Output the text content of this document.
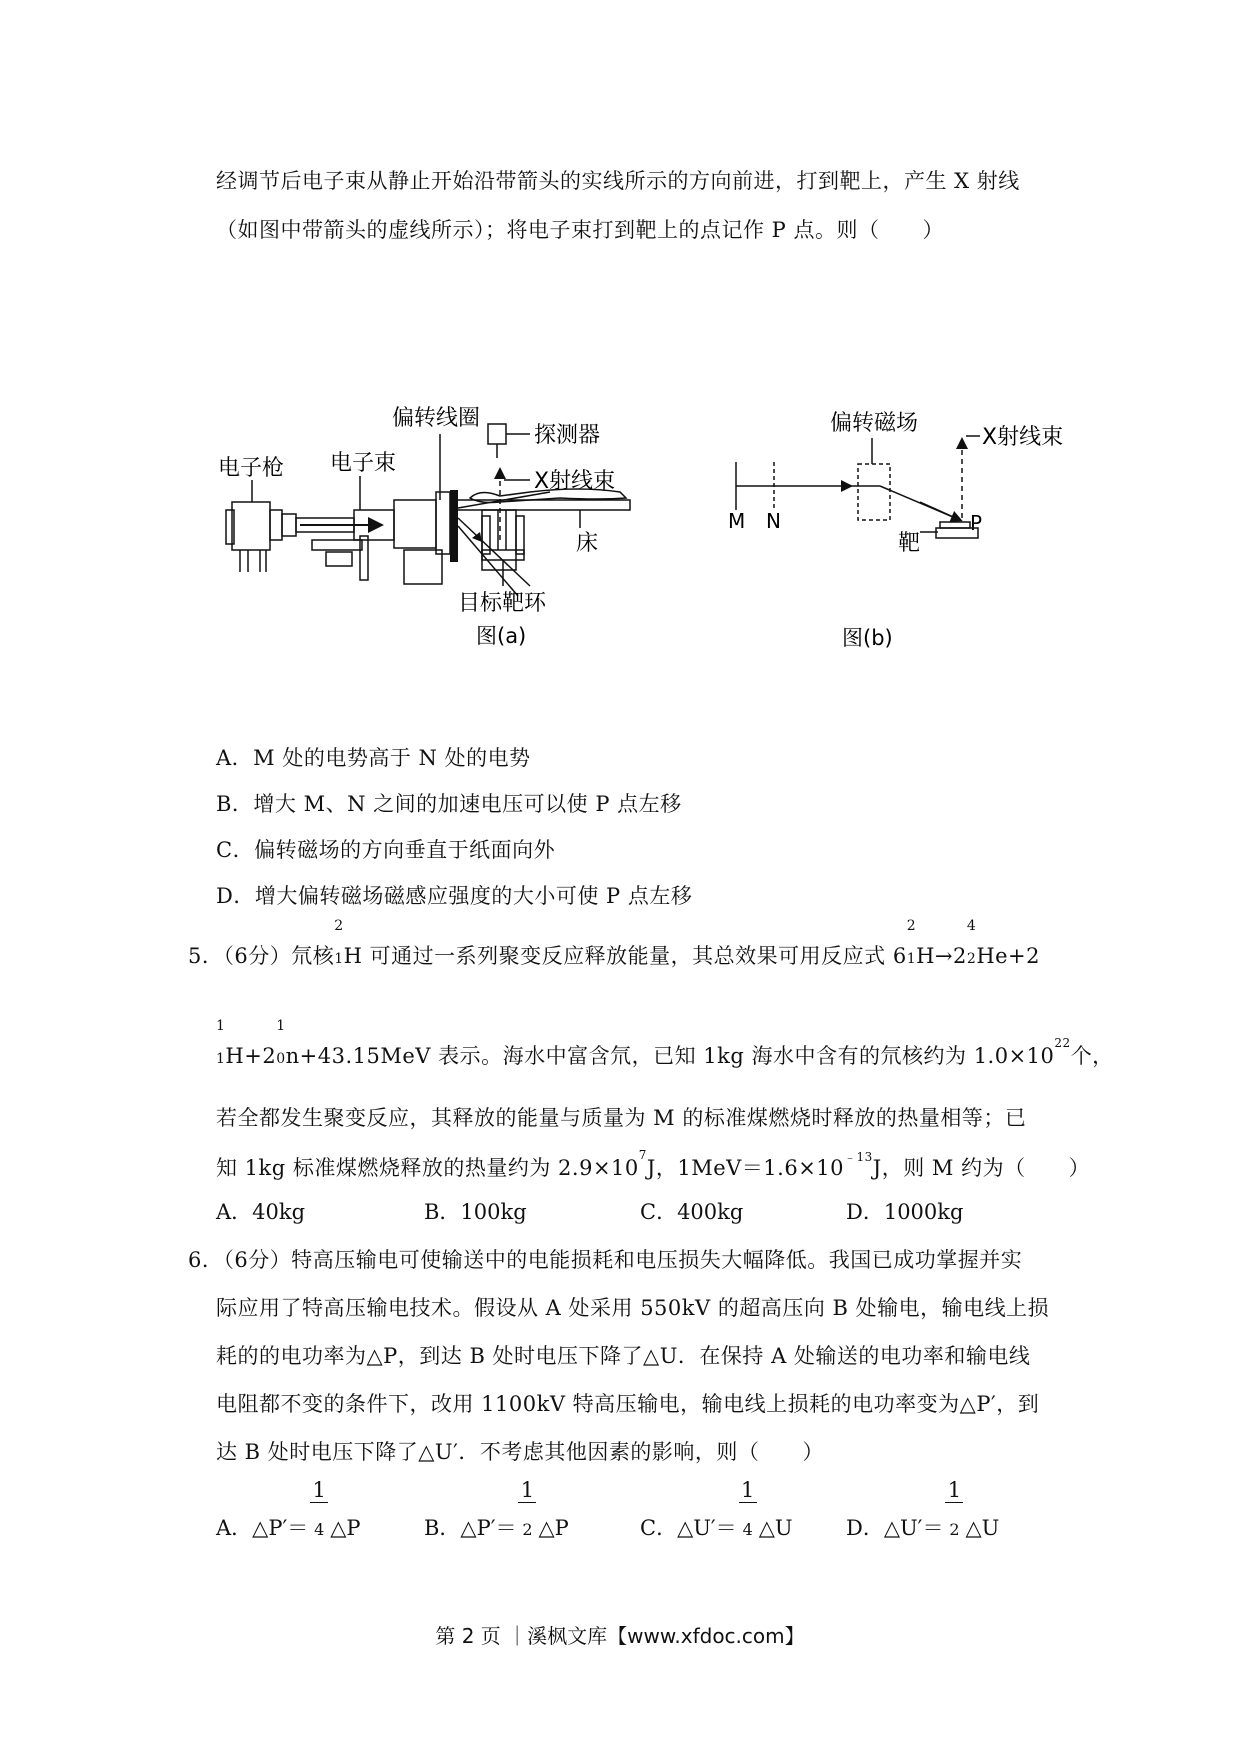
经调节后电子束从静止开始沿带箭头的实线所示的方向前进，打到靶上，产生 X 射线
（如图中带箭头的虚线所示）；将电子束打到靶上的点记作 P 点。则（　　）
电子枪 电子束
偏转线圈
探测器
X射线束
床
目标靶环
图(a)
偏转磁场
M N
X射线束
P
靶
图(b)
A．M 处的电势高于 N 处的电势
B．增大 M、N 之间的加速电压可以使 P 点左移
C．偏转磁场的方向垂直于纸面向外
D．增大偏转磁场磁感应强度的大小可使 P 点左移
5．（6分）氘核
2
1H 可通过一系列聚变反应释放能量，其总效果可用反应式 6
2
1H→2
4
2He+2
1
1H+2
1
0n+43.15MeV 表示。海水中富含氘，已知 1kg 海水中含有的氘核约为 $1.0\times 10^{22}$个，
若全都发生聚变反应，其释放的能量与质量为 M 的标准煤燃烧时释放的热量相等；已
知 1kg 标准煤燃烧释放的热量约为 $2.9\times 10^7J$，$1MeV=1.6\times 10^{﹣13}J$，则 M 约为（　　）
A．40kg	B．100kg	C．400kg	D．1000kg
6．（6分）特高压输电可使输送中的电能损耗和电压损失大幅降低。我国已成功掌握并实
际应用了特高压输电技术。假设从 A 处采用 550kV 的超高压向 B 处输电，输电线上损
耗的的电功率为△P，到达 B 处时电压下降了△U．在保持 A 处输送的电功率和输电线
电阻都不变的条件下，改用 1100kV 特高压输电，输电线上损耗的电功率变为△P′，到
达 B 处时电压下降了△U′．不考虑其他因素的影响，则（　　）
A．△P′＝ $\frac{1}{4}\triangle P$	B．△P′＝ $\frac{1}{2}\triangle P$	C．△U′＝ $\frac{1}{4}\triangle U$	D．△U′＝ $\frac{1}{2}\triangle U$
第 2 页 ｜溪枫文库【www.xfdoc.com】
